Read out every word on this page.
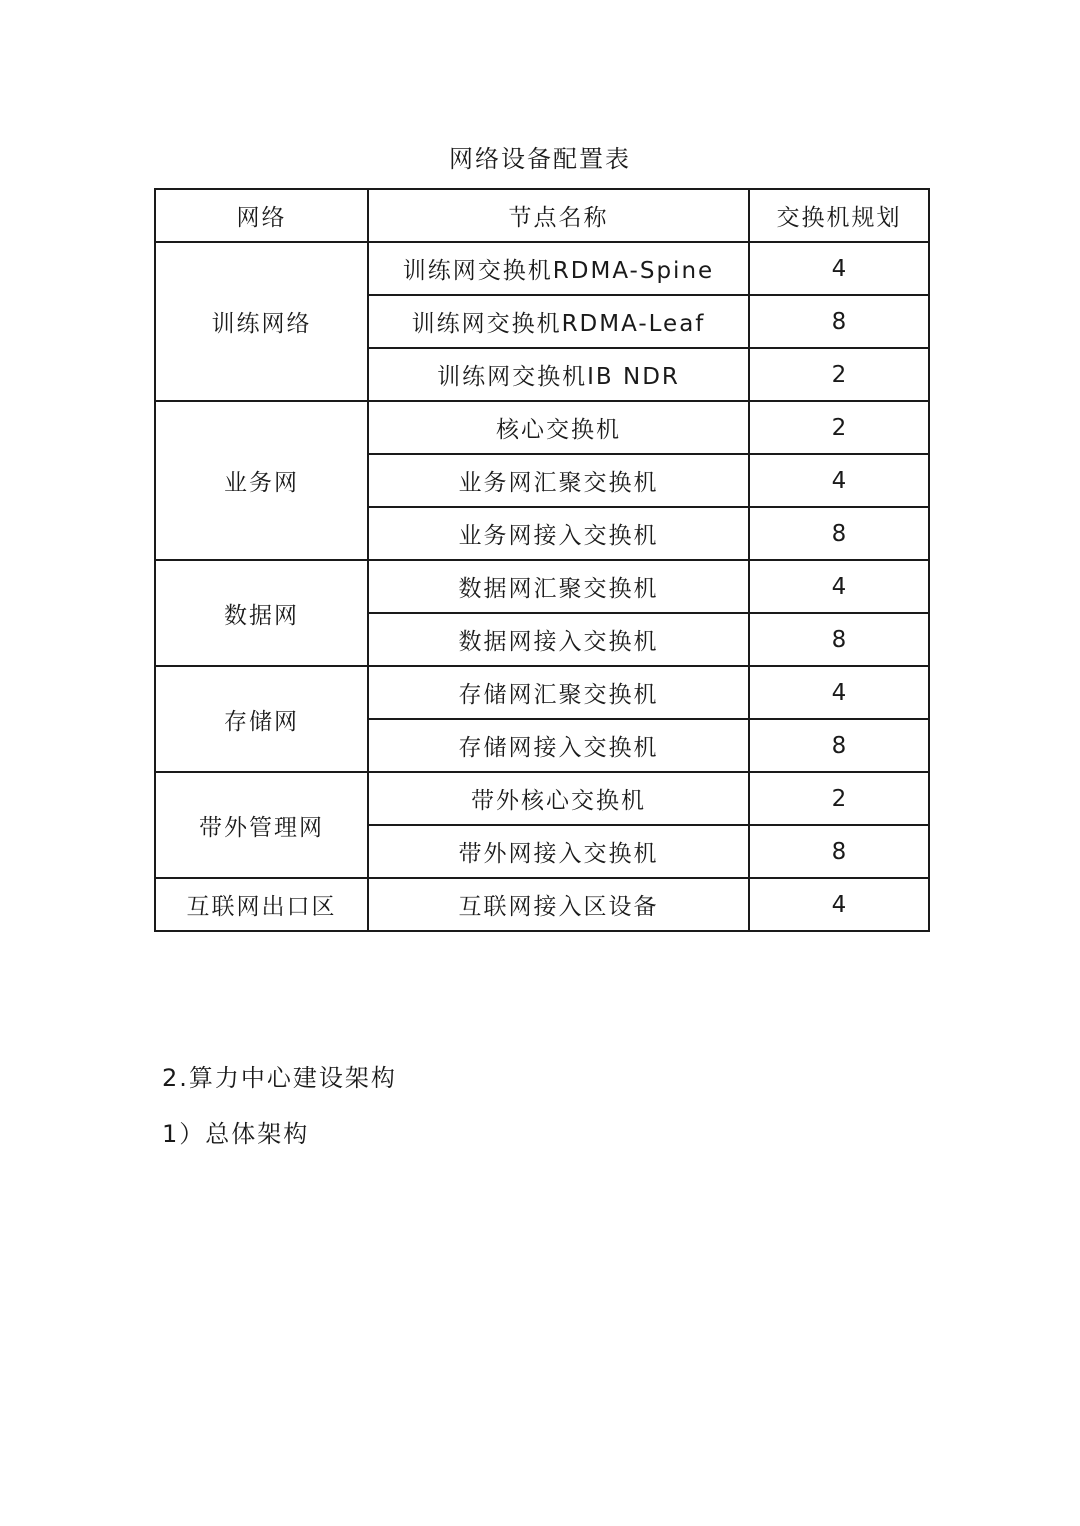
网络设备配置表
网络	节点名称	交换机规划
训练网络	训练网交换机RDMA-Spine	4
	训练网交换机RDMA-Leaf	8
	训练网交换机IB NDR	2
业务网	核心交换机	2
	业务网汇聚交换机	4
	业务网接入交换机	8
数据网	数据网汇聚交换机	4
	数据网接入交换机	8
存储网	存储网汇聚交换机	4
	存储网接入交换机	8
带外管理网	带外核心交换机	2
	带外网接入交换机	8
互联网出口区	互联网接入区设备	4
2.算力中心建设架构
1）总体架构
